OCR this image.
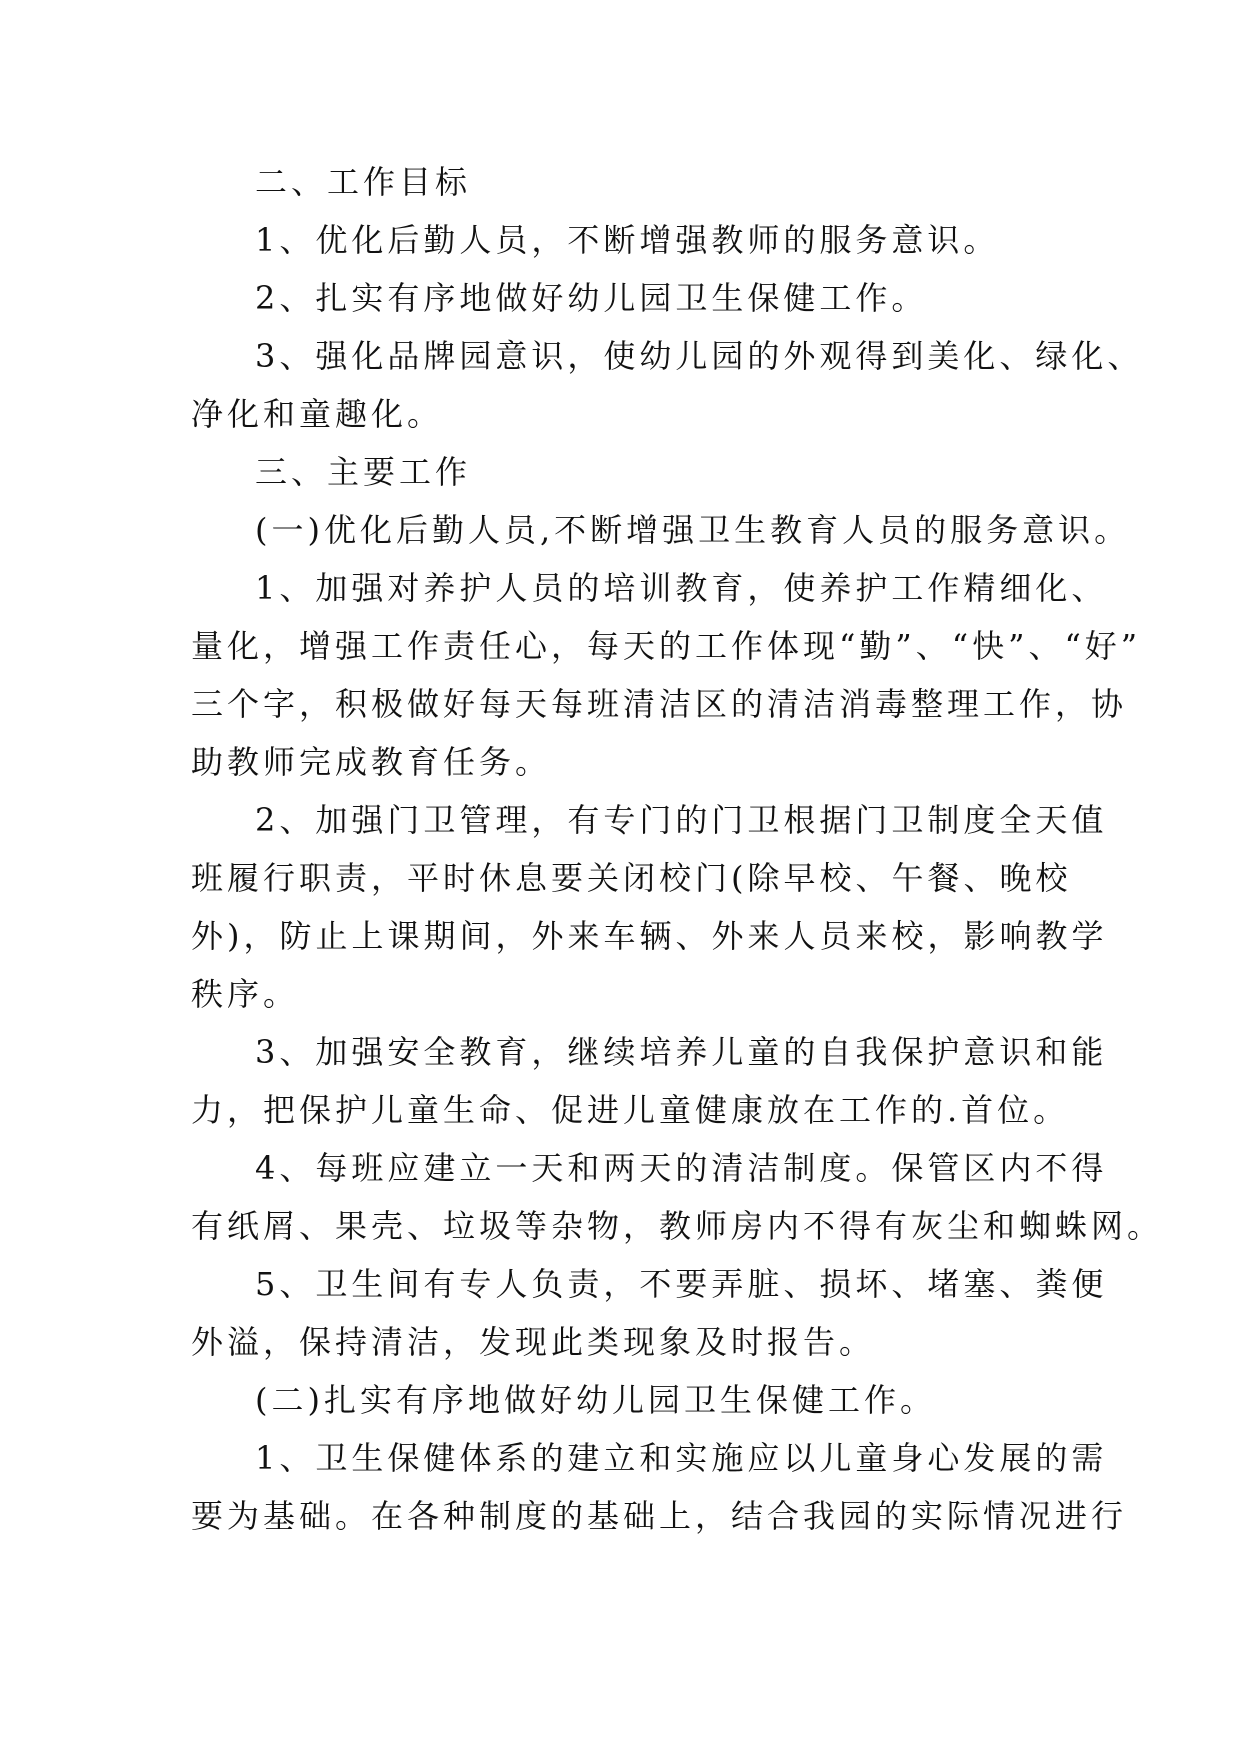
二、工作目标
1、优化后勤人员，不断增强教师的服务意识。
2、扎实有序地做好幼儿园卫生保健工作。
3、强化品牌园意识，使幼儿园的外观得到美化、绿化、
净化和童趣化。
三、主要工作
(一)优化后勤人员,不断增强卫生教育人员的服务意识。
1、加强对养护人员的培训教育，使养护工作精细化、
量化，增强工作责任心，每天的工作体现“勤”、“快”、“好”
三个字，积极做好每天每班清洁区的清洁消毒整理工作，协
助教师完成教育任务。
2、加强门卫管理，有专门的门卫根据门卫制度全天值
班履行职责，平时休息要关闭校门(除早校、午餐、晚校
外)，防止上课期间，外来车辆、外来人员来校，影响教学
秩序。
3、加强安全教育，继续培养儿童的自我保护意识和能
力，把保护儿童生命、促进儿童健康放在工作的.首位。
4、每班应建立一天和两天的清洁制度。保管区内不得
有纸屑、果壳、垃圾等杂物，教师房内不得有灰尘和蜘蛛网。
5、卫生间有专人负责，不要弄脏、损坏、堵塞、粪便
外溢，保持清洁，发现此类现象及时报告。
(二)扎实有序地做好幼儿园卫生保健工作。
1、卫生保健体系的建立和实施应以儿童身心发展的需
要为基础。在各种制度的基础上，结合我园的实际情况进行
